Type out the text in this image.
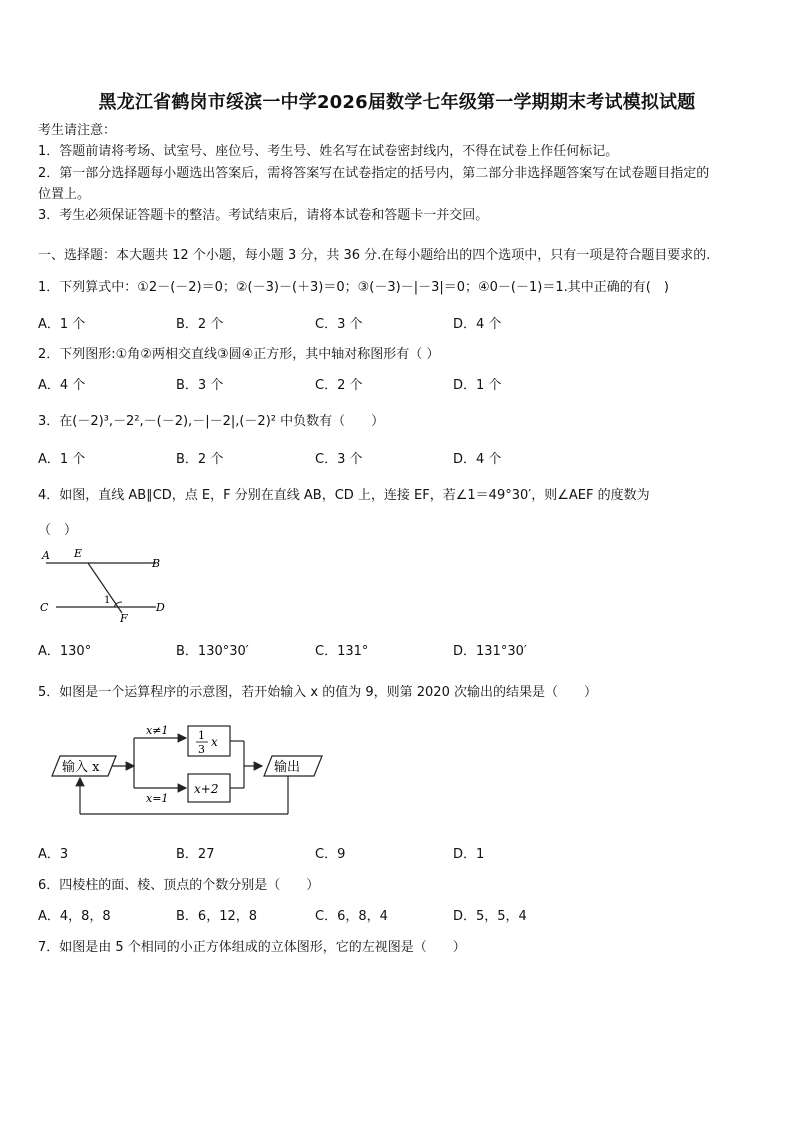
黑龙江省鹤岗市绥滨一中学2026届数学七年级第一学期期末考试模拟试题
考生请注意：
1．答题前请将考场、试室号、座位号、考生号、姓名写在试卷密封线内，不得在试卷上作任何标记。
2．第一部分选择题每小题选出答案后，需将答案写在试卷指定的括号内，第二部分非选择题答案写在试卷题目指定的
位置上。
3．考生必须保证答题卡的整洁。考试结束后，请将本试卷和答题卡一并交回。
一、选择题：本大题共 12 个小题，每小题 3 分，共 36 分.在每小题给出的四个选项中，只有一项是符合题目要求的.
1．下列算式中：①2－(－2)＝0；②(－3)－(＋3)＝0；③(－3)－|－3|＝0；④0－(－1)＝1.其中正确的有(　)
A．1 个	B．2 个	C．3 个	D．4 个
2．下列图形:①角②两相交直线③圆④正方形，其中轴对称图形有（ ）
A．4 个	B．3 个	C．2 个	D．1 个
3．在(－2)³,－2²,－(－2),－|－2|,(－2)² 中负数有（　　）
A．1 个	B．2 个	C．3 个	D．4 个
4．如图，直线 AB∥CD，点 E，F 分别在直线 AB，CD 上，连接 EF，若∠1＝49°30′，则∠AEF 的度数为
（　）
A E
B
C
1
D
F
A．130°	B．130°30′	C．131°	D．131°30′
5．如图是一个运算程序的示意图，若开始输入 x 的值为 9，则第 2020 次输出的结果是（　　）
输入 x
x≠1
x=1
1
3
x
x+2
输出
A．3	B．27	C．9	D．1
6．四棱柱的面、棱、顶点的个数分别是（　　）
A．4，8，8	B．6，12，8	C．6，8，4	D．5，5，4
7．如图是由 5 个相同的小正方体组成的立体图形，它的左视图是（　　）
